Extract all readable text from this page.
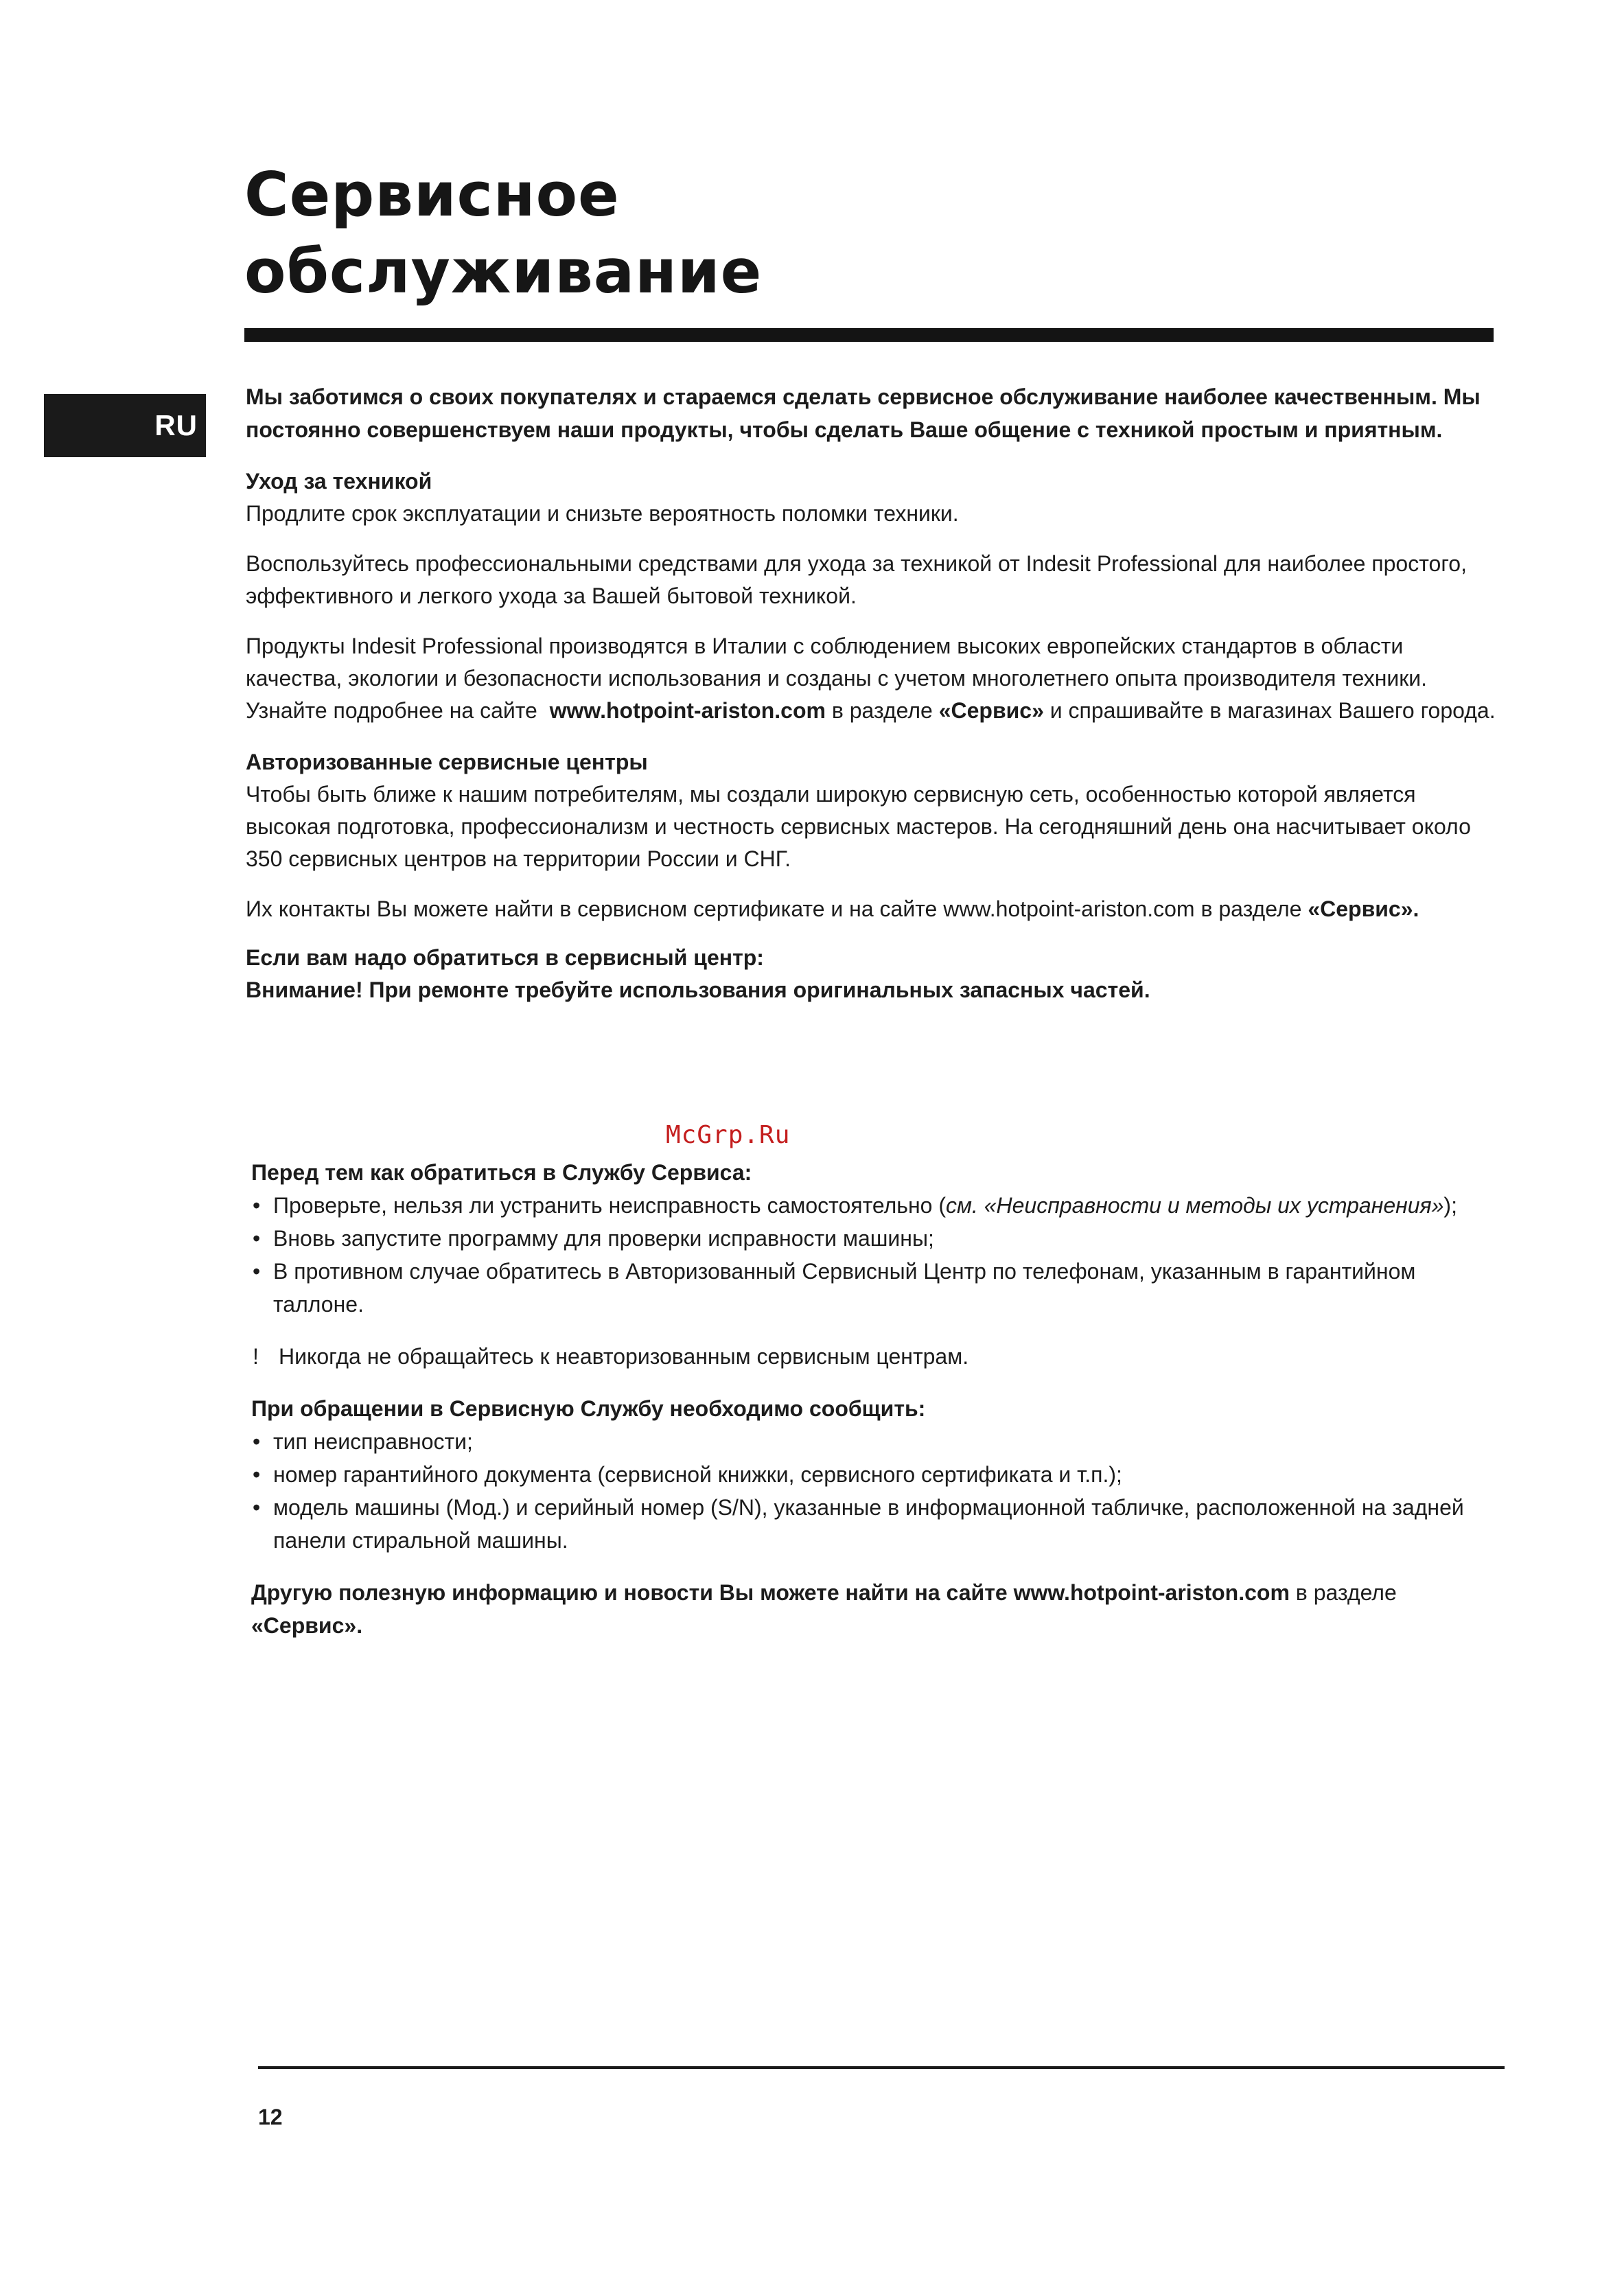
Сервисное
обслуживание
RU

Мы заботимся о своих покупателях и стараемся сделать сервисное обслуживание наиболее качественным. Мы постоянно совершенствуем наши продукты, чтобы сделать Ваше общение с техникой простым и приятным.

Уход за техникой

Продлите срок эксплуатации и снизьте вероятность поломки техники.

Воспользуйтесь профессиональными средствами для ухода за техникой от Indesit Professional для наиболее простого, эффективного и легкого ухода за Вашей бытовой техникой.

Продукты Indesit Professional производятся в Италии с соблюдением высоких европейских стандартов в области качества, экологии и безопасности использования и созданы с учетом многолетнего опыта производителя техники. Узнайте подробнее на сайте www.hotpoint-ariston.com в разделе «Сервис» и спрашивайте в магазинах Вашего города.

Авторизованные сервисные центры

Чтобы быть ближе к нашим потребителям, мы создали широкую сервисную сеть, особенностью которой является высокая подготовка, профессионализм и честность сервисных мастеров. На сегодняшний день она насчитывает около 350 сервисных центров на территории России и СНГ.

Их контакты Вы можете найти в сервисном сертификате и на сайте www.hotpoint-ariston.com в разделе «Сервис».

Если вам надо обратиться в сервисный центр:

Внимание! При ремонте требуйте использования оригинальных запасных частей.

McGrp.Ru

Перед тем как обратиться в Службу Сервиса:

• Проверьте, нельзя ли устранить неисправность самостоятельно (см. «Неисправности и методы их устранения»);
• Вновь запустите программу для проверки исправности машины;
• В противном случае обратитесь в Авторизованный Сервисный Центр по телефонам, указанным в гарантийном таллоне.

! Никогда не обращайтесь к неавторизованным сервисным центрам.

При обращении в Сервисную Службу необходимо сообщить:

• тип неисправности;
• номер гарантийного документа (сервисной книжки, сервисного сертификата и т.п.);
• модель машины (Мод.) и серийный номер (S/N), указанные в информационной табличке, расположенной на задней панели стиральной машины.

Другую полезную информацию и новости Вы можете найти на сайте www.hotpoint-ariston.com в разделе «Сервис».

12
